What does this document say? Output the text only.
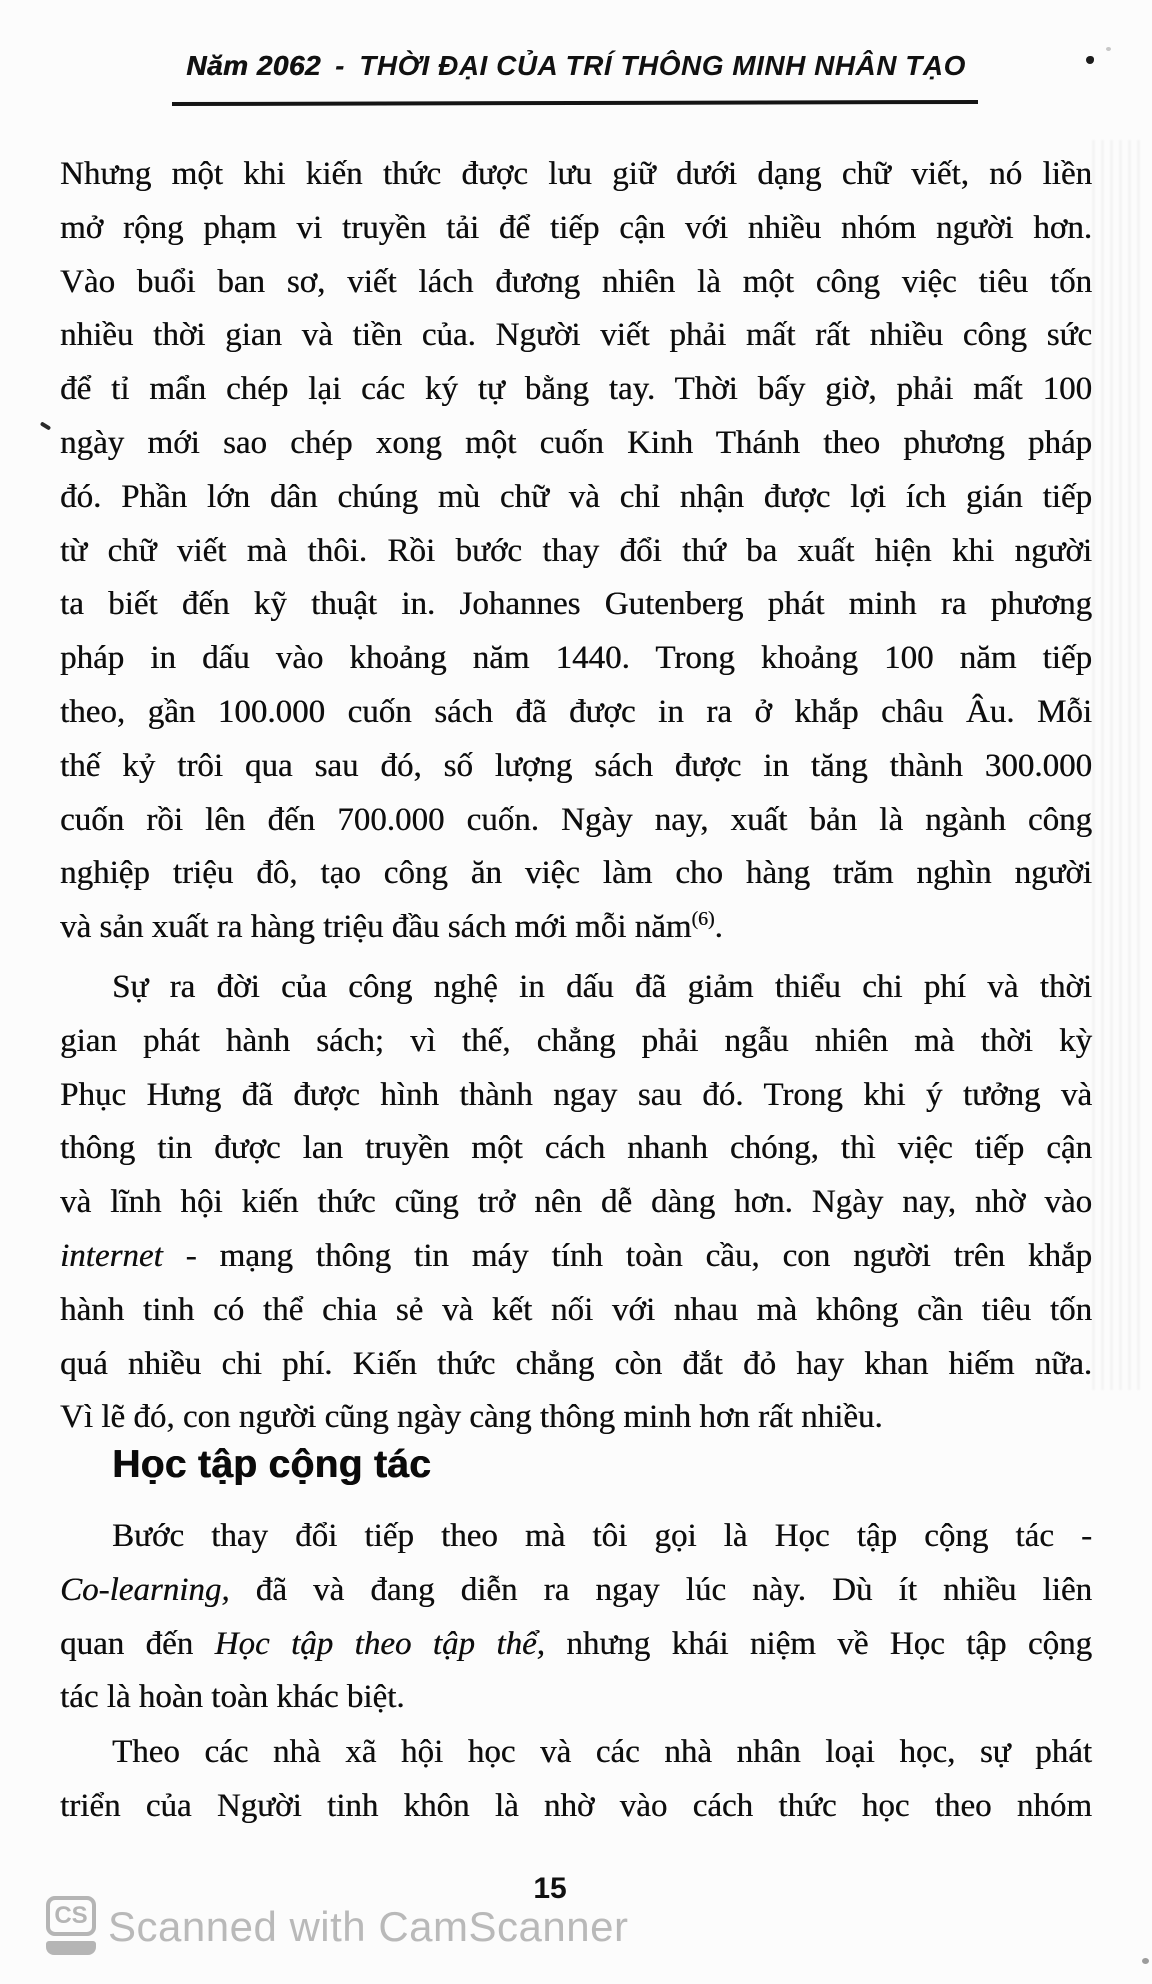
Năm 2062 - THỜI ĐẠI CỦA TRÍ THÔNG MINH NHÂN TẠO
Nhưng một khi kiến thức được lưu giữ dưới dạng chữ viết, nó liền
mở rộng phạm vi truyền tải để tiếp cận với nhiều nhóm người hơn.
Vào buổi ban sơ, viết lách đương nhiên là một công việc tiêu tốn
nhiều thời gian và tiền của. Người viết phải mất rất nhiều công sức
để tỉ mẩn chép lại các ký tự bằng tay. Thời bấy giờ, phải mất 100
ngày mới sao chép xong một cuốn Kinh Thánh theo phương pháp
đó. Phần lớn dân chúng mù chữ và chỉ nhận được lợi ích gián tiếp
từ chữ viết mà thôi. Rồi bước thay đổi thứ ba xuất hiện khi người
ta biết đến kỹ thuật in. Johannes Gutenberg phát minh ra phương
pháp in dấu vào khoảng năm 1440. Trong khoảng 100 năm tiếp
theo, gần 100.000 cuốn sách đã được in ra ở khắp châu Âu. Mỗi
thế kỷ trôi qua sau đó, số lượng sách được in tăng thành 300.000
cuốn rồi lên đến 700.000 cuốn. Ngày nay, xuất bản là ngành công
nghiệp triệu đô, tạo công ăn việc làm cho hàng trăm nghìn người
và sản xuất ra hàng triệu đầu sách mới mỗi năm$^{(6)}$.
Sự ra đời của công nghệ in dấu đã giảm thiểu chi phí và thời
gian phát hành sách; vì thế, chẳng phải ngẫu nhiên mà thời kỳ
Phục Hưng đã được hình thành ngay sau đó. Trong khi ý tưởng và
thông tin được lan truyền một cách nhanh chóng, thì việc tiếp cận
và lĩnh hội kiến thức cũng trở nên dễ dàng hơn. Ngày nay, nhờ vào
internet - mạng thông tin máy tính toàn cầu, con người trên khắp
hành tinh có thể chia sẻ và kết nối với nhau mà không cần tiêu tốn
quá nhiều chi phí. Kiến thức chẳng còn đắt đỏ hay khan hiếm nữa.
Vì lẽ đó, con người cũng ngày càng thông minh hơn rất nhiều.
Học tập cộng tác
Bước thay đổi tiếp theo mà tôi gọi là Học tập cộng tác -
Co-learning, đã và đang diễn ra ngay lúc này. Dù ít nhiều liên
quan đến Học tập theo tập thể, nhưng khái niệm về Học tập cộng
tác là hoàn toàn khác biệt.
Theo các nhà xã hội học và các nhà nhân loại học, sự phát
triển của Người tinh khôn là nhờ vào cách thức học theo nhóm
15
CS Scanned with CamScanner
